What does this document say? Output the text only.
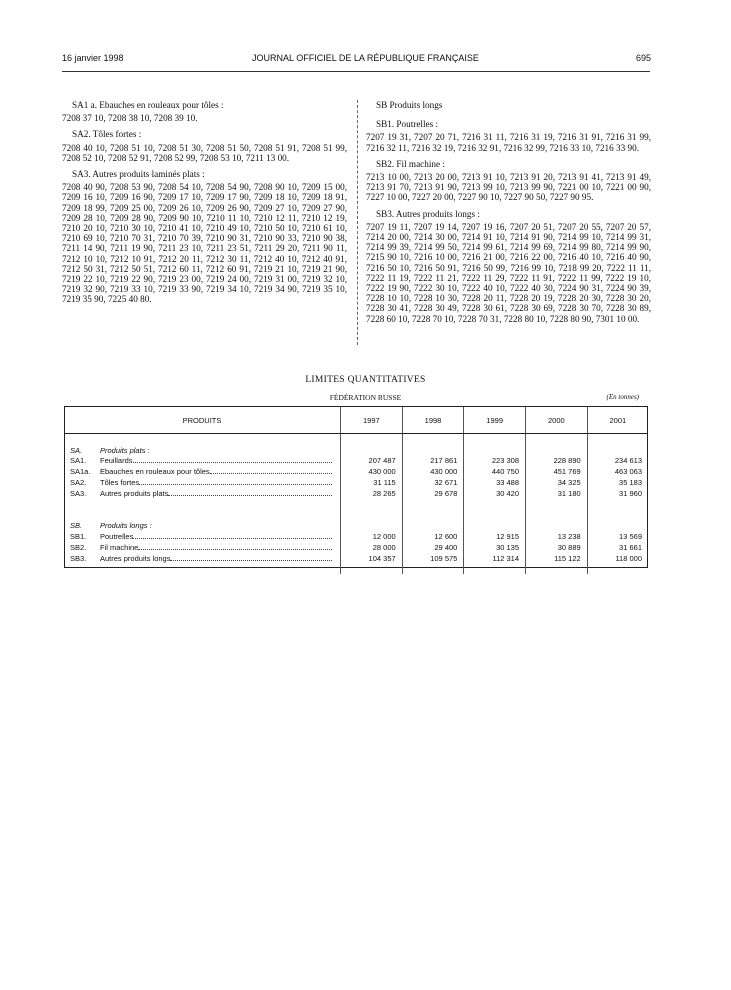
16 janvier 1998	JOURNAL OFFICIEL DE LA RÉPUBLIQUE FRANÇAISE	695

SA1 a. Ebauches en rouleaux pour tôles :

7208 37 10, 7208 38 10, 7208 39 10.

SA2. Tôles fortes :

7208 40 10, 7208 51 10, 7208 51 30, 7208 51 50, 7208 51 91, 7208 51 99, 7208 52 10, 7208 52 91, 7208 52 99, 7208 53 10, 7211 13 00.

SA3. Autres produits laminés plats :

7208 40 90, 7208 53 90, 7208 54 10, 7208 54 90, 7208 90 10, 7209 15 00, 7209 16 10, 7209 16 90, 7209 17 10, 7209 17 90, 7209 18 10, 7209 18 91, 7209 18 99, 7209 25 00, 7209 26 10, 7209 26 90, 7209 27 10, 7209 27 90, 7209 28 10, 7209 28 90, 7209 90 10, 7210 11 10, 7210 12 11, 7210 12 19, 7210 20 10, 7210 30 10, 7210 41 10, 7210 49 10, 7210 50 10, 7210 61 10, 7210 69 10, 7210 70 31, 7210 70 39, 7210 90 31, 7210 90 33, 7210 90 38, 7211 14 90, 7211 19 90, 7211 23 10, 7211 23 51, 7211 29 20, 7211 90 11, 7212 10 10, 7212 10 91, 7212 20 11, 7212 30 11, 7212 40 10, 7212 40 91, 7212 50 31, 7212 50 51, 7212 60 11, 7212 60 91, 7219 21 10, 7219 21 90, 7219 22 10, 7219 22 90, 7219 23 00, 7219 24 00, 7219 31 00, 7219 32 10, 7219 32 90, 7219 33 10, 7219 33 90, 7219 34 10, 7219 34 90, 7219 35 10, 7219 35 90, 7225 40 80.

SB Produits longs

SB1. Poutrelles :

7207 19 31, 7207 20 71, 7216 31 11, 7216 31 19, 7216 31 91, 7216 31 99, 7216 32 11, 7216 32 19, 7216 32 91, 7216 32 99, 7216 33 10, 7216 33 90.

SB2. Fil machine :

7213 10 00, 7213 20 00, 7213 91 10, 7213 91 20, 7213 91 41, 7213 91 49, 7213 91 70, 7213 91 90, 7213 99 10, 7213 99 90, 7221 00 10, 7221 00 90, 7227 10 00, 7227 20 00, 7227 90 10, 7227 90 50, 7227 90 95.

SB3. Autres produits longs :

7207 19 11, 7207 19 14, 7207 19 16, 7207 20 51, 7207 20 55, 7207 20 57, 7214 20 00, 7214 30 00, 7214 91 10, 7214 91 90, 7214 99 10, 7214 99 31, 7214 99 39, 7214 99 50, 7214 99 61, 7214 99 69, 7214 99 80, 7214 99 90, 7215 90 10, 7216 10 00, 7216 21 00, 7216 22 00, 7216 40 10, 7216 40 90, 7216 50 10, 7216 50 91, 7216 50 99, 7216 99 10, 7218 99 20, 7222 11 11, 7222 11 19, 7222 11 21, 7222 11 29, 7222 11 91, 7222 11 99, 7222 19 10, 7222 19 90, 7222 30 10, 7222 40 10, 7222 40 30, 7224 90 31, 7224 90 39, 7228 10 10, 7228 10 30, 7228 20 11, 7228 20 19, 7228 20 30, 7228 30 20, 7228 30 41, 7228 30 49, 7228 30 61, 7228 30 69, 7228 30 70, 7228 30 89, 7228 60 10, 7228 70 10, 7228 70 31, 7228 80 10, 7228 80 90, 7301 10 00.

LIMITES QUANTITATIVES
FÉDÉRATION RUSSE	(En tonnes)
PRODUITS		1997	1998	1999	2000	2001

SA.	Produits plats :					
SA1.	Feuillards	207 487	217 861	223 308	228 890	234 613
SA1a.	Ebauches en rouleaux pour tôles	430 000	430 000	440 750	451 769	463 063
SA2.	Tôles fortes	31 115	32 671	33 488	34 325	35 183
SA3.	Autres produits plats	28 265	29 678	30 420	31 180	31 960

SB.	Produits longs :					
SB1.	Poutrelles	12 000	12 600	12 915	13 238	13 569
SB2.	Fil machine	28 000	29 400	30 135	30 889	31 661
SB3.	Autres produits longs	104 357	109 575	112 314	115 122	118 000
